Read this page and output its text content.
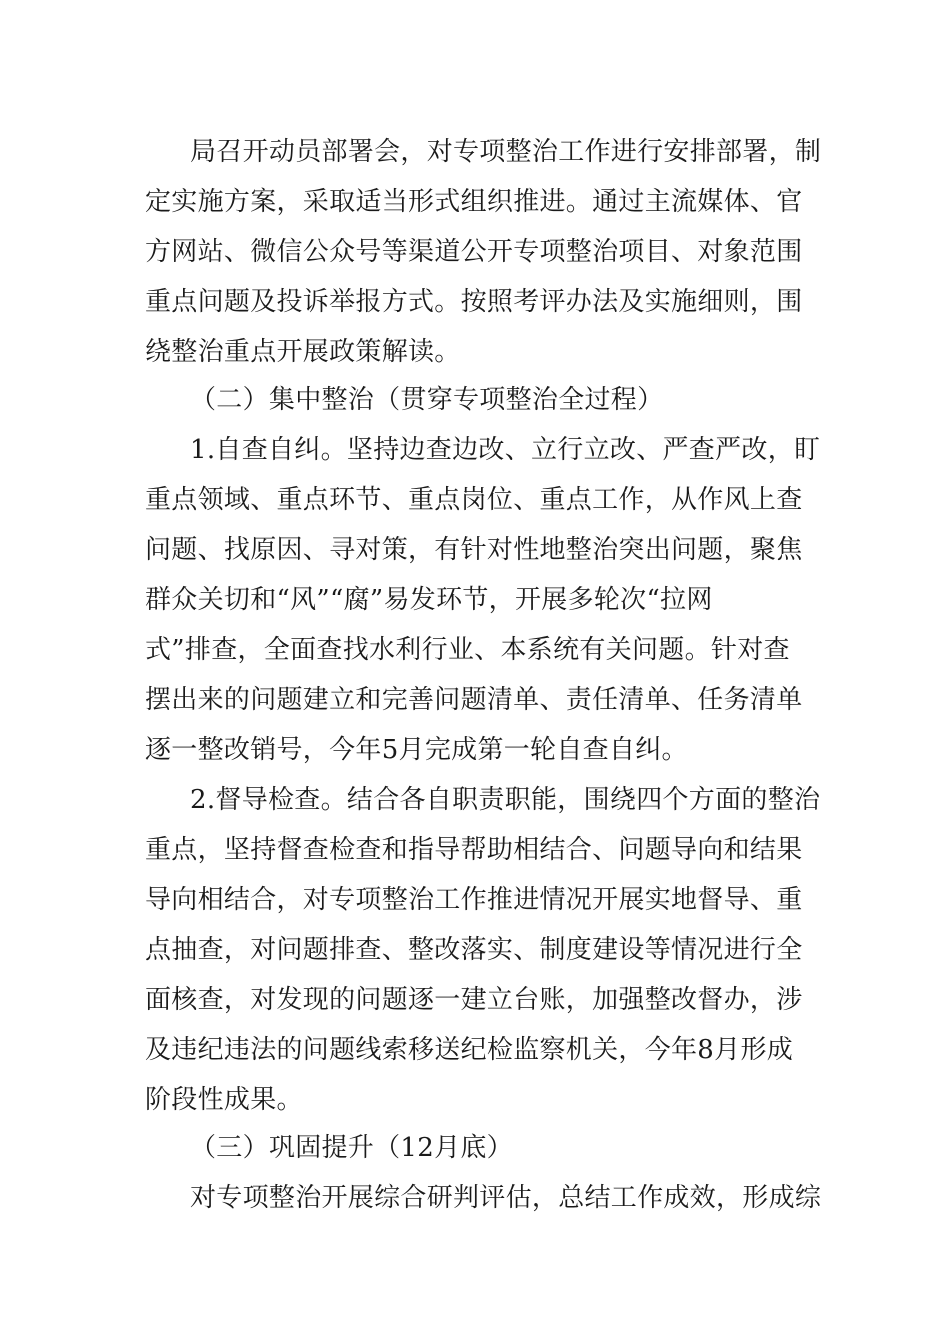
局召开动员部署会，对专项整治工作进行安排部署，制
定实施方案，采取适当形式组织推进。通过主流媒体、官
方网站、微信公众号等渠道公开专项整治项目、对象范围
重点问题及投诉举报方式。按照考评办法及实施细则，围
绕整治重点开展政策解读。
（二）集中整治（贯穿专项整治全过程）
1.自查自纠。坚持边查边改、立行立改、严查严改，盯
重点领域、重点环节、重点岗位、重点工作，从作风上查
问题、找原因、寻对策，有针对性地整治突出问题，聚焦
群众关切和“风”“腐”易发环节，开展多轮次“拉网
式”排查，全面查找水利行业、本系统有关问题。针对查
摆出来的问题建立和完善问题清单、责任清单、任务清单
逐一整改销号，今年5月完成第一轮自查自纠。
2.督导检查。结合各自职责职能，围绕四个方面的整治
重点，坚持督查检查和指导帮助相结合、问题导向和结果
导向相结合，对专项整治工作推进情况开展实地督导、重
点抽查，对问题排查、整改落实、制度建设等情况进行全
面核查，对发现的问题逐一建立台账，加强整改督办，涉
及违纪违法的问题线索移送纪检监察机关，今年8月形成
阶段性成果。
（三）巩固提升（12月底）
对专项整治开展综合研判评估，总结工作成效，形成综
